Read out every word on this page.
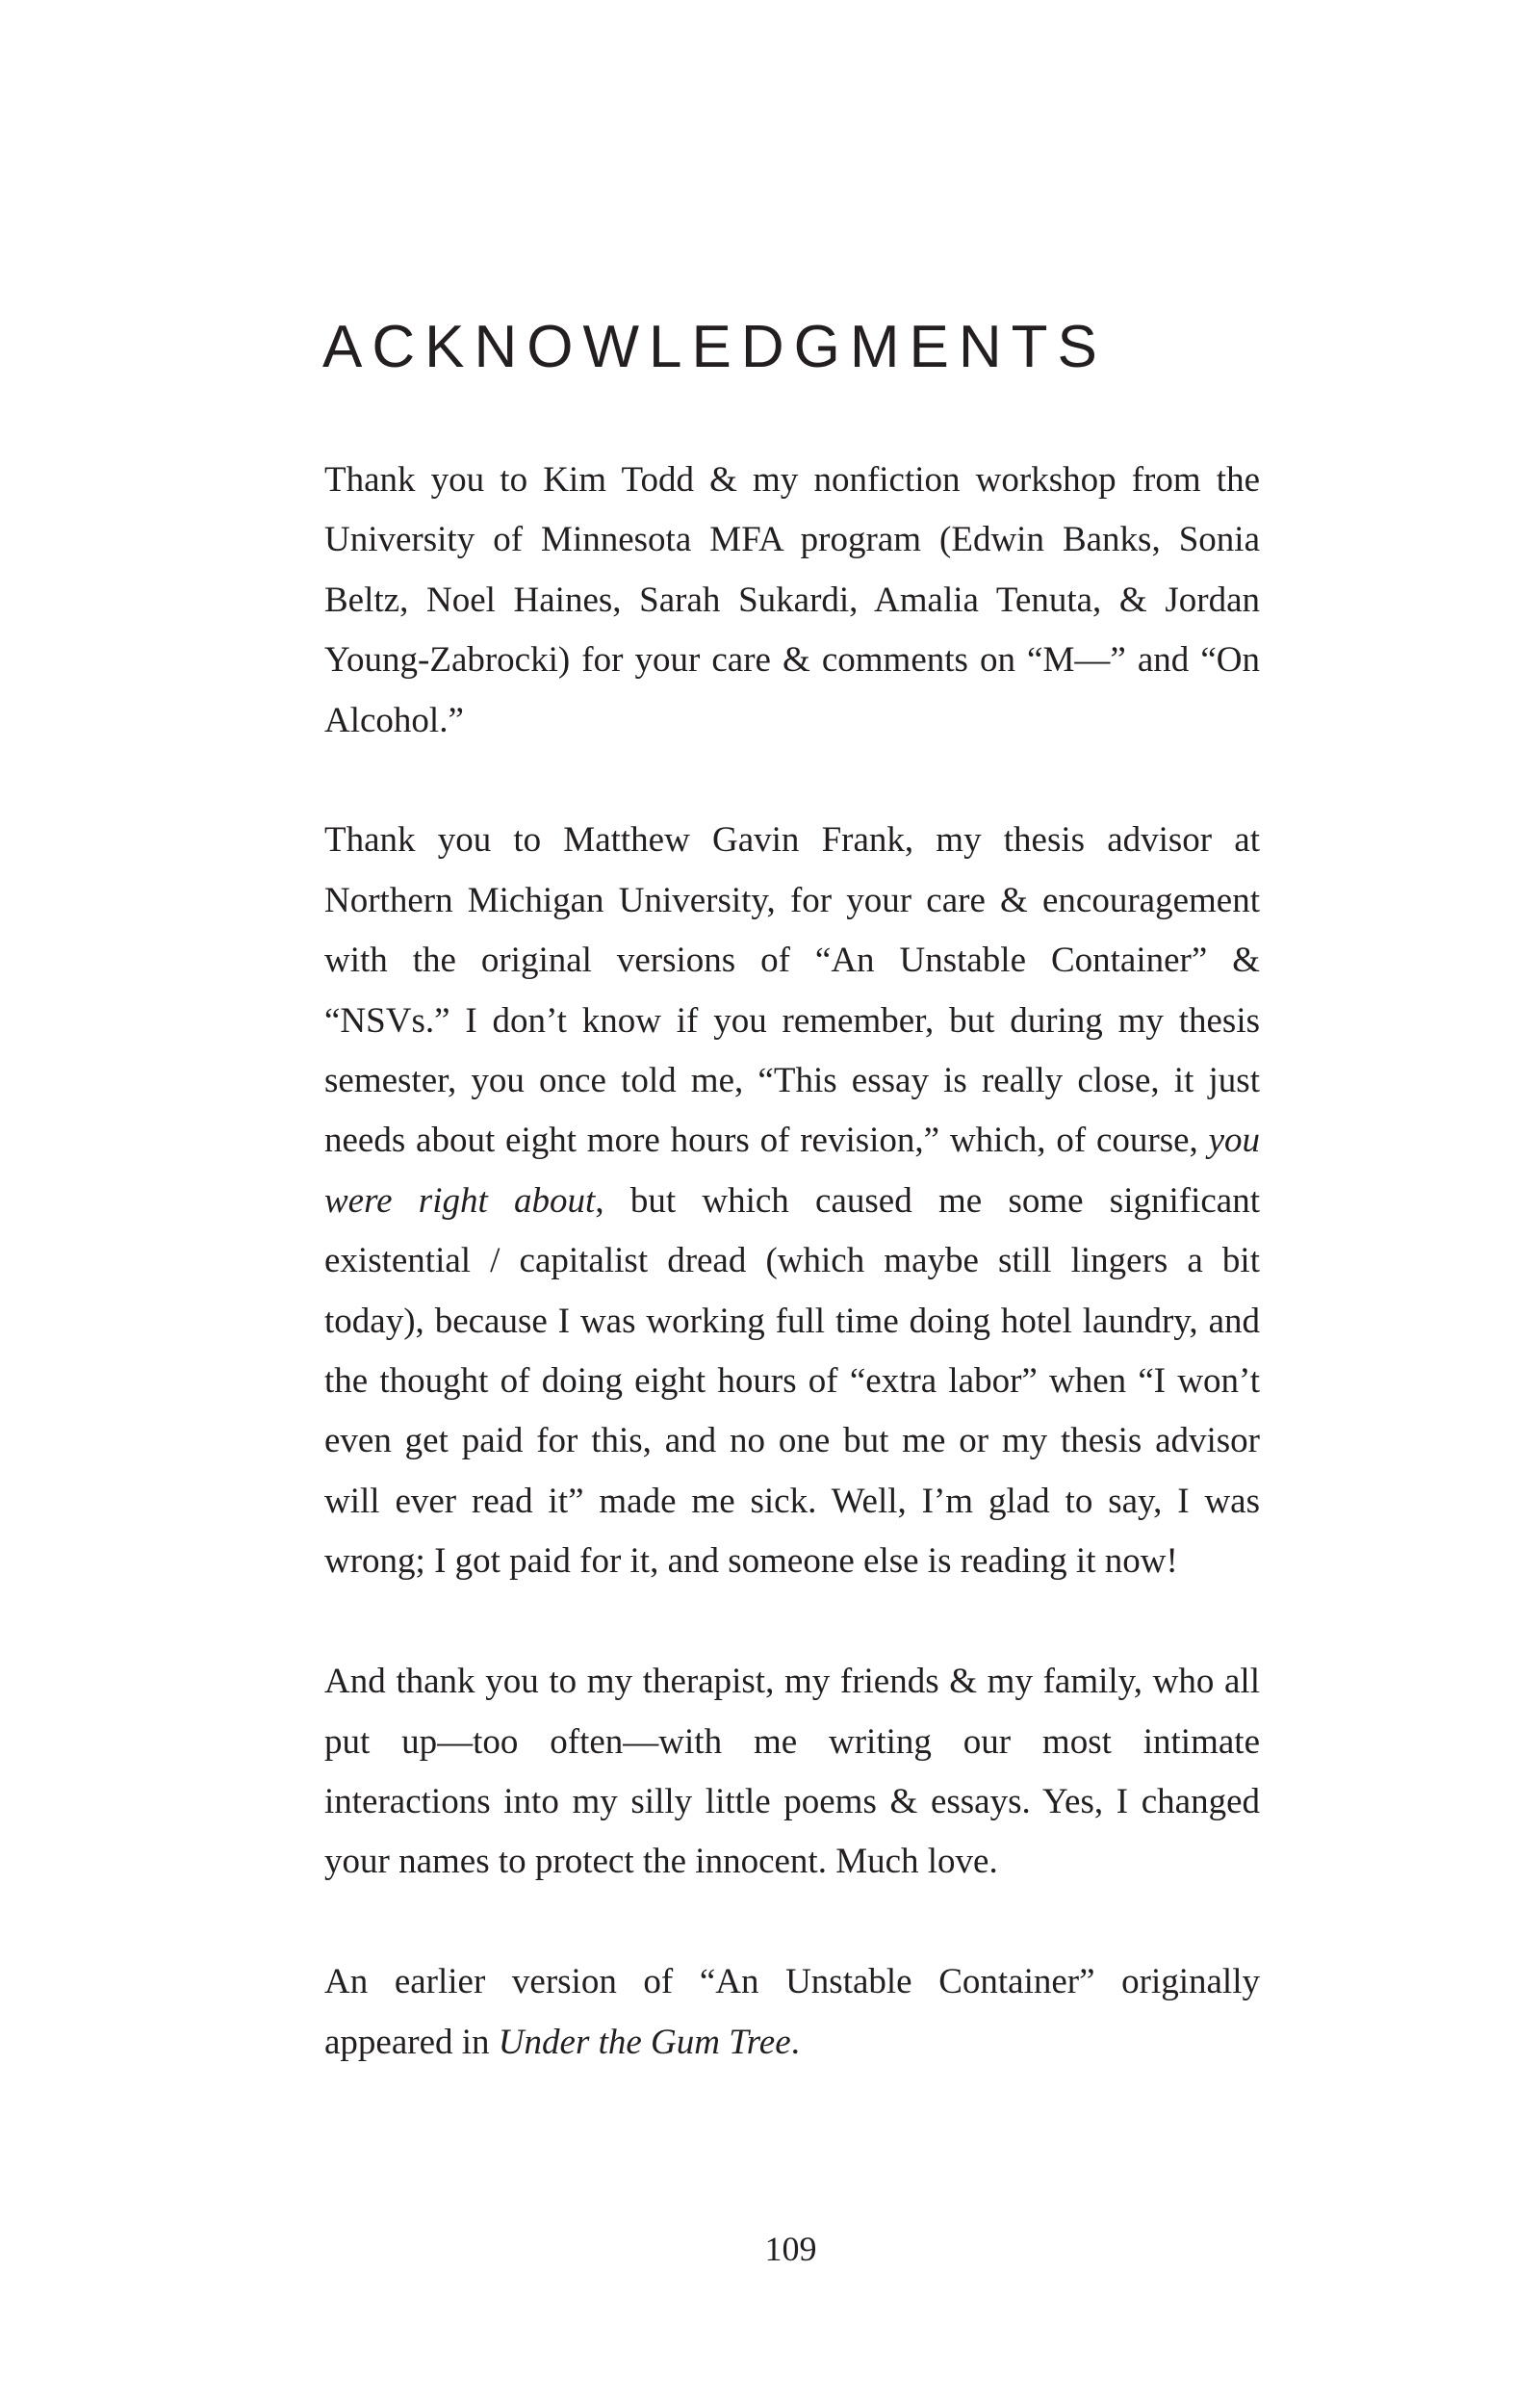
ACKNOWLEDGMENTS

Thank you to Kim Todd & my nonfiction workshop from the University of Minnesota MFA program (Edwin Banks, Sonia Beltz, Noel Haines, Sarah Sukardi, Amalia Tenuta, & Jordan Young-Zabrocki) for your care & comments on “M—” and “On Alcohol.”

Thank you to Matthew Gavin Frank, my thesis advisor at Northern Michigan University, for your care & encouragement with the original versions of “An Unstable Container” & “NSVs.” I don’t know if you remember, but during my thesis semester, you once told me, “This essay is really close, it just needs about eight more hours of revision,” which, of course, you were right about, but which caused me some significant existential / capitalist dread (which maybe still lingers a bit today), because I was working full time doing hotel laundry, and the thought of doing eight hours of “extra labor” when “I won’t even get paid for this, and no one but me or my thesis advisor will ever read it” made me sick. Well, I’m glad to say, I was wrong; I got paid for it, and someone else is reading it now!

And thank you to my therapist, my friends & my family, who all put up—too often—with me writing our most intimate interactions into my silly little poems & essays. Yes, I changed your names to protect the innocent. Much love.

An earlier version of “An Unstable Container” originally appeared in Under the Gum Tree.

109
